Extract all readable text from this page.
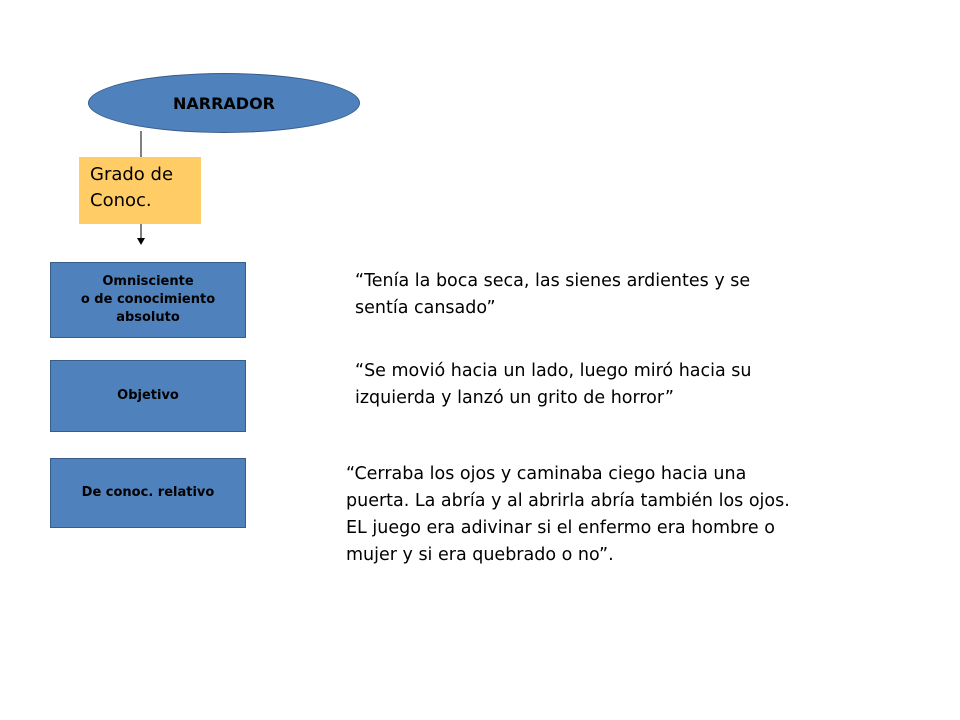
NARRADOR
Grado de
Conoc.
Omnisciente
o de conocimiento
absoluto
Objetivo
De conoc. relativo
“Tenía la boca seca, las sienes ardientes y se
sentía cansado”
“Se movió hacia un lado, luego miró hacia su
izquierda y lanzó un grito de horror”
“Cerraba los ojos y caminaba ciego hacia una
puerta. La abría y al abrirla abría también los ojos.
EL juego era adivinar si el enfermo era hombre o
mujer y si era quebrado o no”.
